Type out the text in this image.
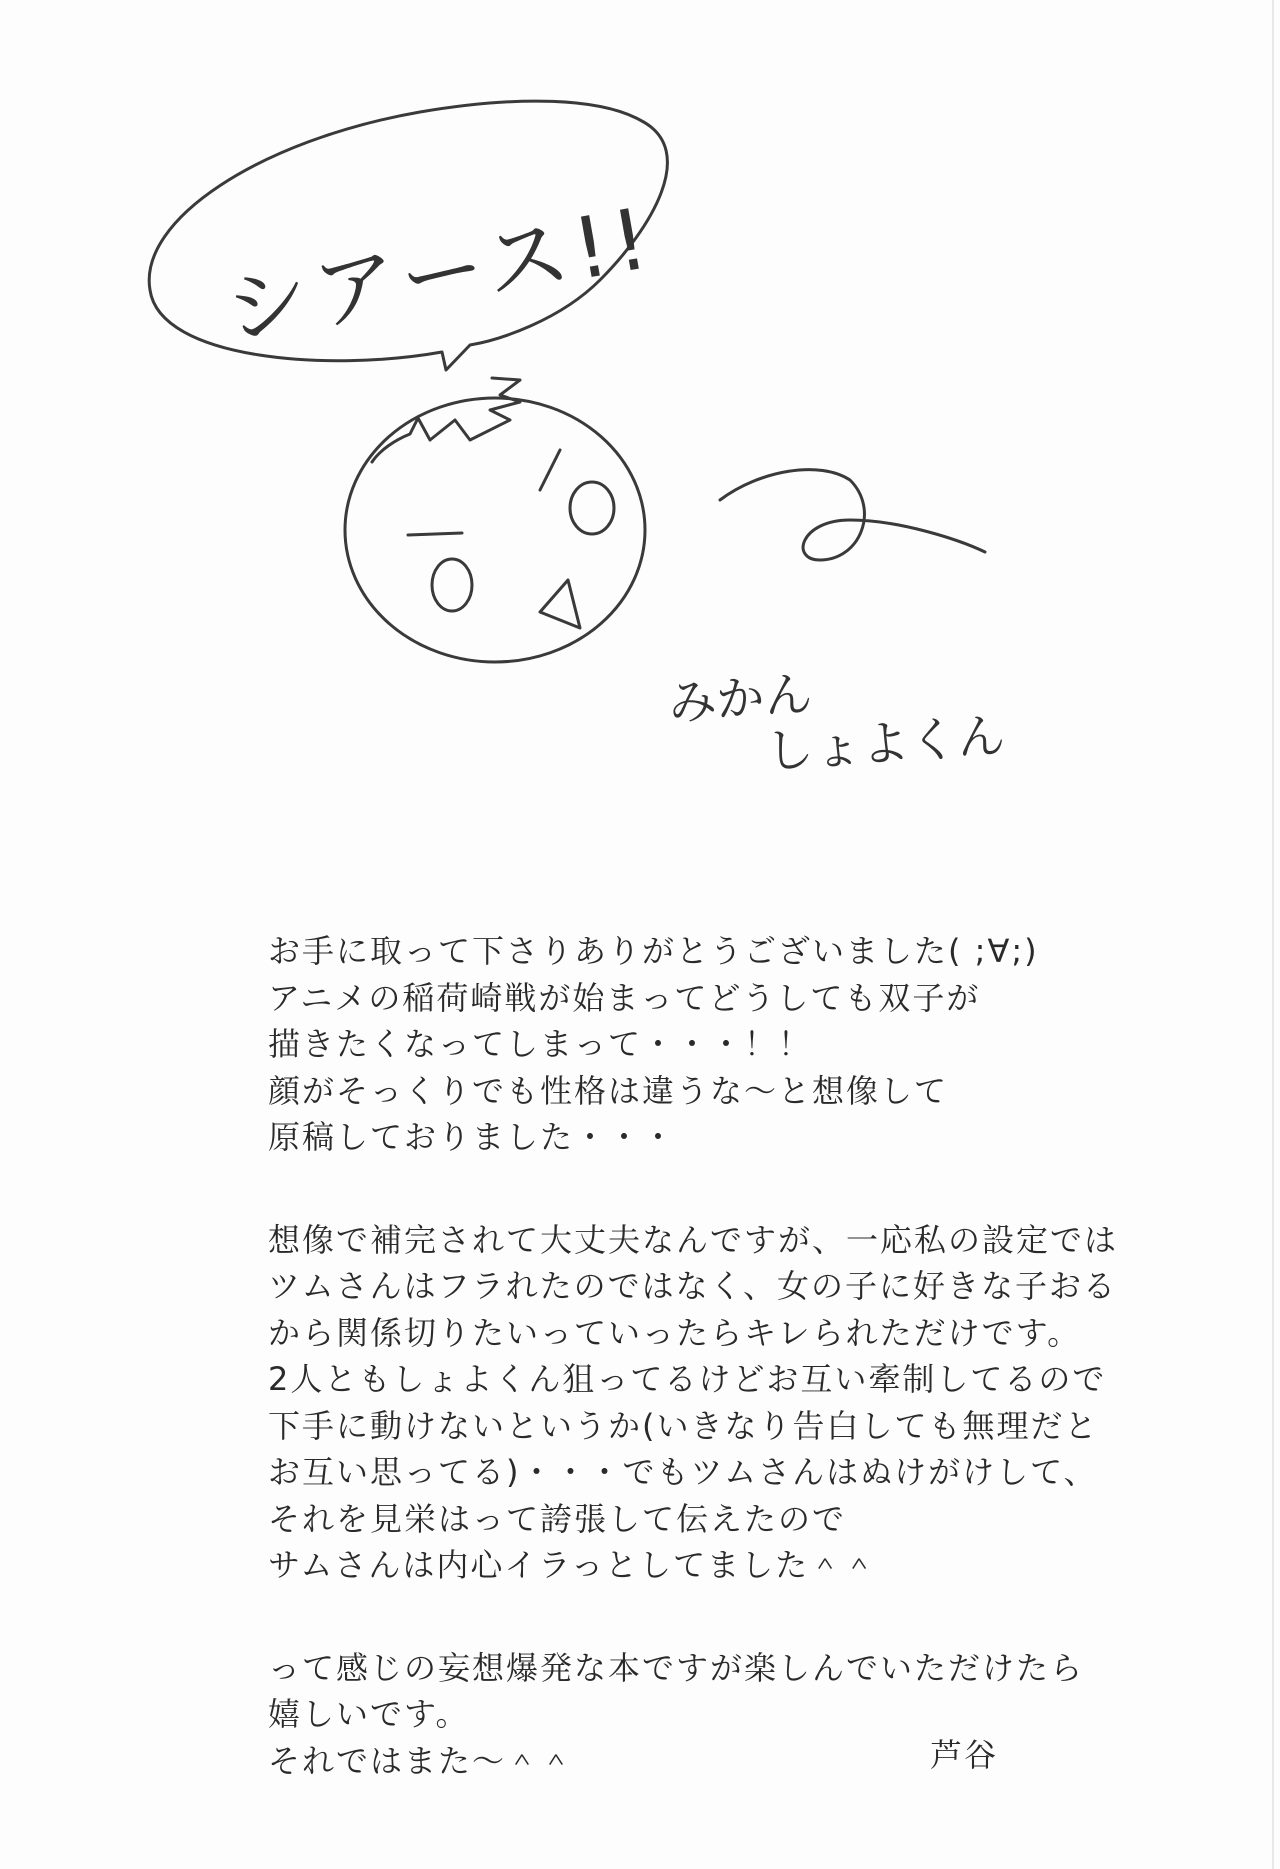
シアース!!
みかん
しょよくん
お手に取って下さりありがとうございました( ;∀;)
アニメの稲荷崎戦が始まってどうしても双子が
描きたくなってしまって・・・！！
顔がそっくりでも性格は違うな～と想像して
原稿しておりました・・・
想像で補完されて大丈夫なんですが、一応私の設定では
ツムさんはフラれたのではなく、女の子に好きな子おる
から関係切りたいっていったらキレられただけです。
2人ともしょよくん狙ってるけどお互い牽制してるので
下手に動けないというか(いきなり告白しても無理だと
お互い思ってる)・・・でもツムさんはぬけがけして、
それを見栄はって誇張して伝えたので
サムさんは内心イラっとしてました＾＾
って感じの妄想爆発な本ですが楽しんでいただけたら
嬉しいです。
それではまた～＾＾	芦谷
